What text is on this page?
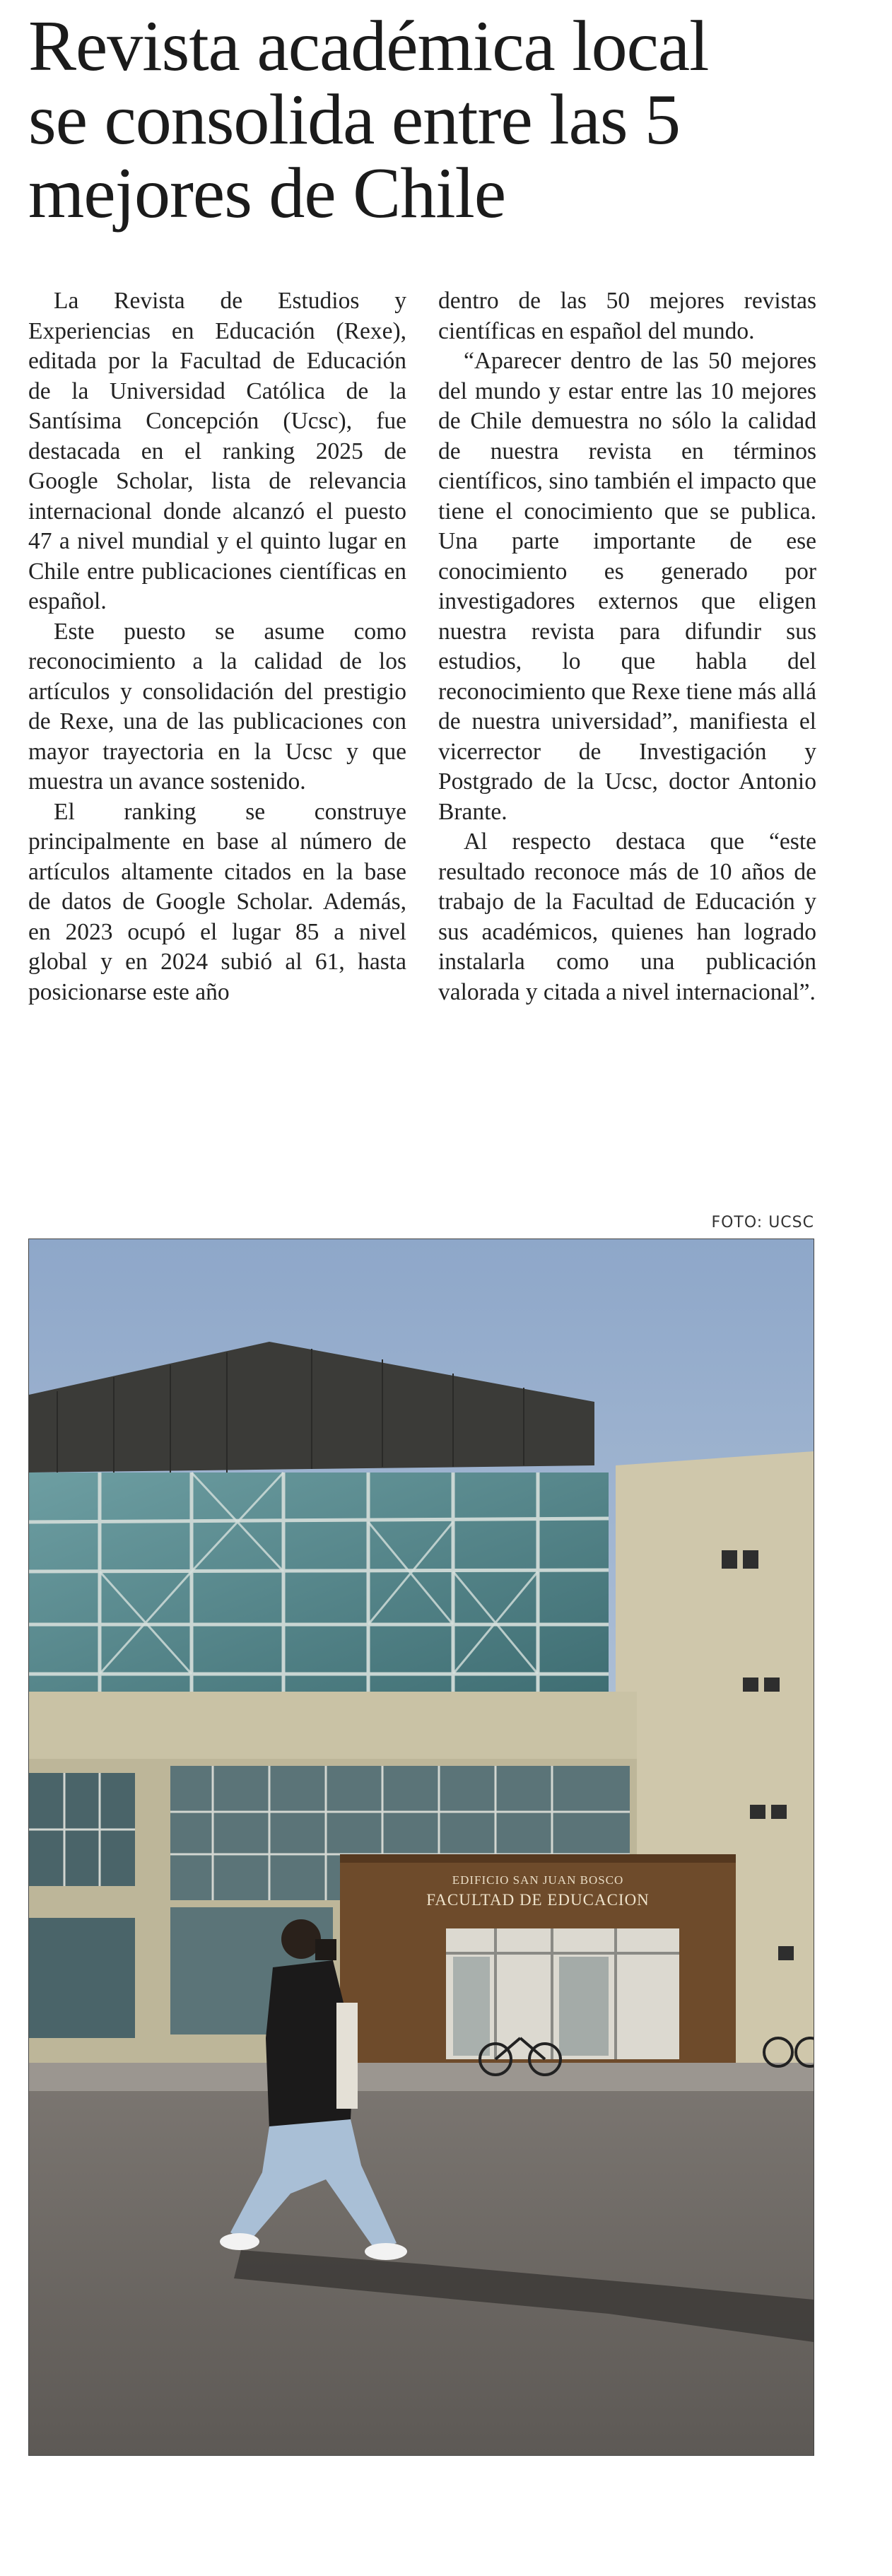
Revista académica local
se consolida entre las 5
mejores de Chile

La Revista de Estudios y Experiencias en Educación (Rexe), editada por la Facultad de Educación de la Universidad Católica de la Santísima Concepción (Ucsc), fue destacada en el ranking 2025 de Google Scholar, lista de relevancia internacional donde alcanzó el puesto 47 a nivel mundial y el quinto lugar en Chile entre publicaciones científicas en español.

Este puesto se asume como reconocimiento a la calidad de los artículos y consolidación del prestigio de Rexe, una de las publicaciones con mayor trayectoria en la Ucsc y que muestra un avance sostenido.

El ranking se construye principalmente en base al número de artículos altamente citados en la base de datos de Google Scholar. Además, en 2023 ocupó el lugar 85 a nivel global y en 2024 subió al 61, hasta posicionarse este año

dentro de las 50 mejores revistas científicas en español del mundo.

“Aparecer dentro de las 50 mejores del mundo y estar entre las 10 mejores de Chile demuestra no sólo la calidad de nuestra revista en términos científicos, sino también el impacto que tiene el conocimiento que se publica. Una parte importante de ese conocimiento es generado por investigadores externos que eligen nuestra revista para difundir sus estudios, lo que habla del reconocimiento que Rexe tiene más allá de nuestra universidad”, manifiesta el vicerrector de Investigación y Postgrado de la Ucsc, doctor Antonio Brante.

Al respecto destaca que “este resultado reconoce más de 10 años de trabajo de la Facultad de Educación y sus académicos, quienes han logrado instalarla como una publicación valorada y citada a nivel internacional”.

FOTO: UCSC
EDIFICIO SAN JUAN BOSCO
FACULTAD DE EDUCACION
